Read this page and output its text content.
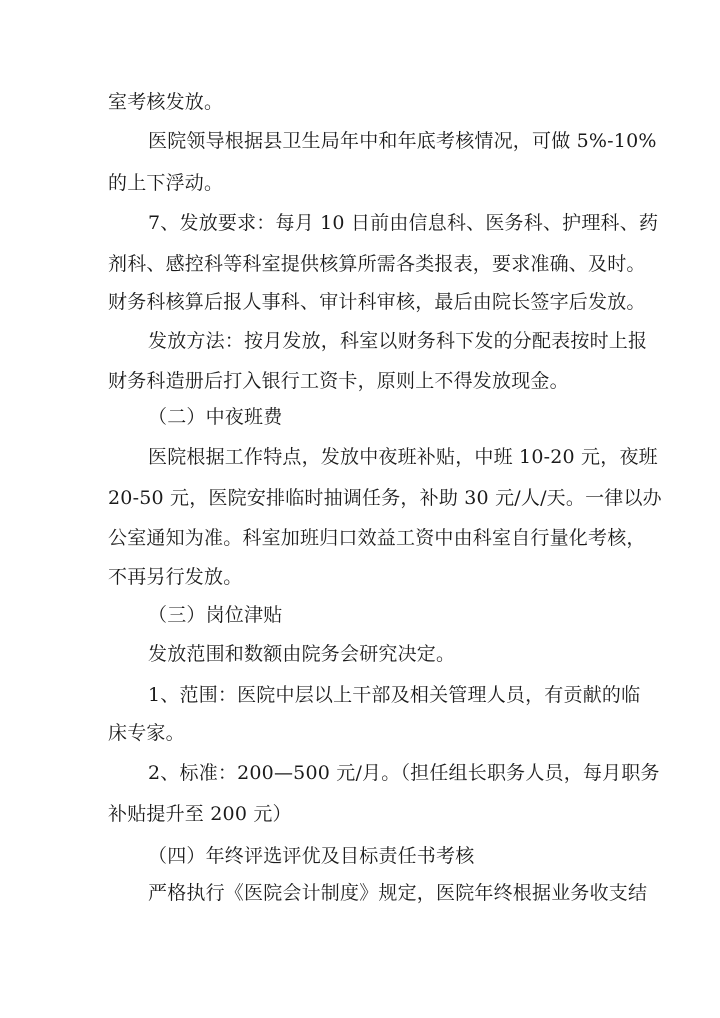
室考核发放。
医院领导根据县卫生局年中和年底考核情况，可做 5%-10%
的上下浮动。
7、发放要求：每月 10 日前由信息科、医务科、护理科、药
剂科、感控科等科室提供核算所需各类报表，要求准确、及时。
财务科核算后报人事科、审计科审核，最后由院长签字后发放。
发放方法：按月发放，科室以财务科下发的分配表按时上报
财务科造册后打入银行工资卡，原则上不得发放现金。
（二）中夜班费
医院根据工作特点，发放中夜班补贴，中班 10-20 元，夜班
20-50 元，医院安排临时抽调任务，补助 30 元/人/天。一律以办
公室通知为准。科室加班归口效益工资中由科室自行量化考核，
不再另行发放。
（三）岗位津贴
发放范围和数额由院务会研究决定。
1、范围：医院中层以上干部及相关管理人员，有贡献的临
床专家。
2、标准：200—500 元/月。（担任组长职务人员，每月职务
补贴提升至 200 元）
（四）年终评选评优及目标责任书考核
严格执行《医院会计制度》规定，医院年终根据业务收支结
